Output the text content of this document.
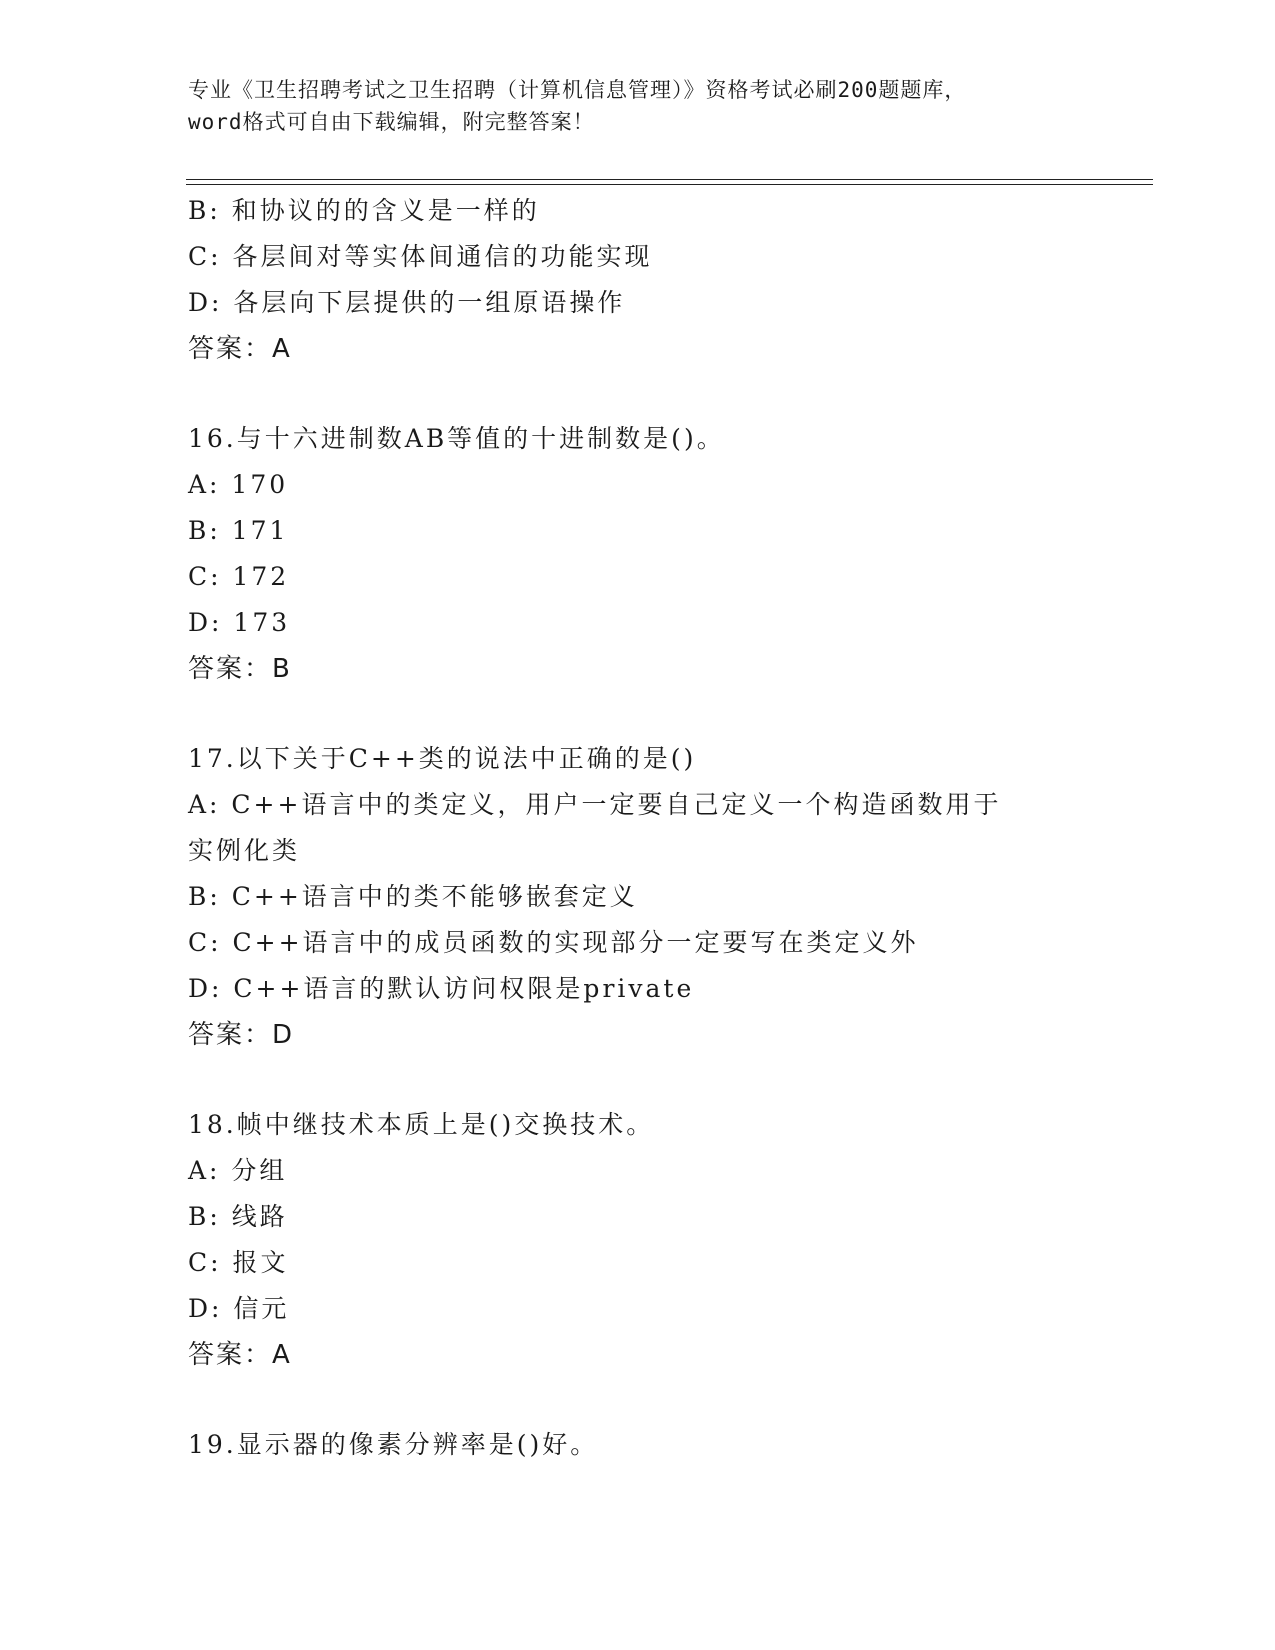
专业《卫生招聘考试之卫生招聘（计算机信息管理）》资格考试必刷200题题库，
word格式可自由下载编辑，附完整答案！
B: 和协议的的含义是一样的
C: 各层间对等实体间通信的功能实现
D: 各层向下层提供的一组原语操作
答案：A
16.与十六进制数AB等值的十进制数是()。
A: 170
B: 171
C: 172
D: 173
答案：B
17.以下关于C++类的说法中正确的是()
A: C++语言中的类定义，用户一定要自己定义一个构造函数用于实例化类
B: C++语言中的类不能够嵌套定义
C: C++语言中的成员函数的实现部分一定要写在类定义外
D: C++语言的默认访问权限是private
答案：D
18.帧中继技术本质上是()交换技术。
A: 分组
B: 线路
C: 报文
D: 信元
答案：A
19.显示器的像素分辨率是()好。
